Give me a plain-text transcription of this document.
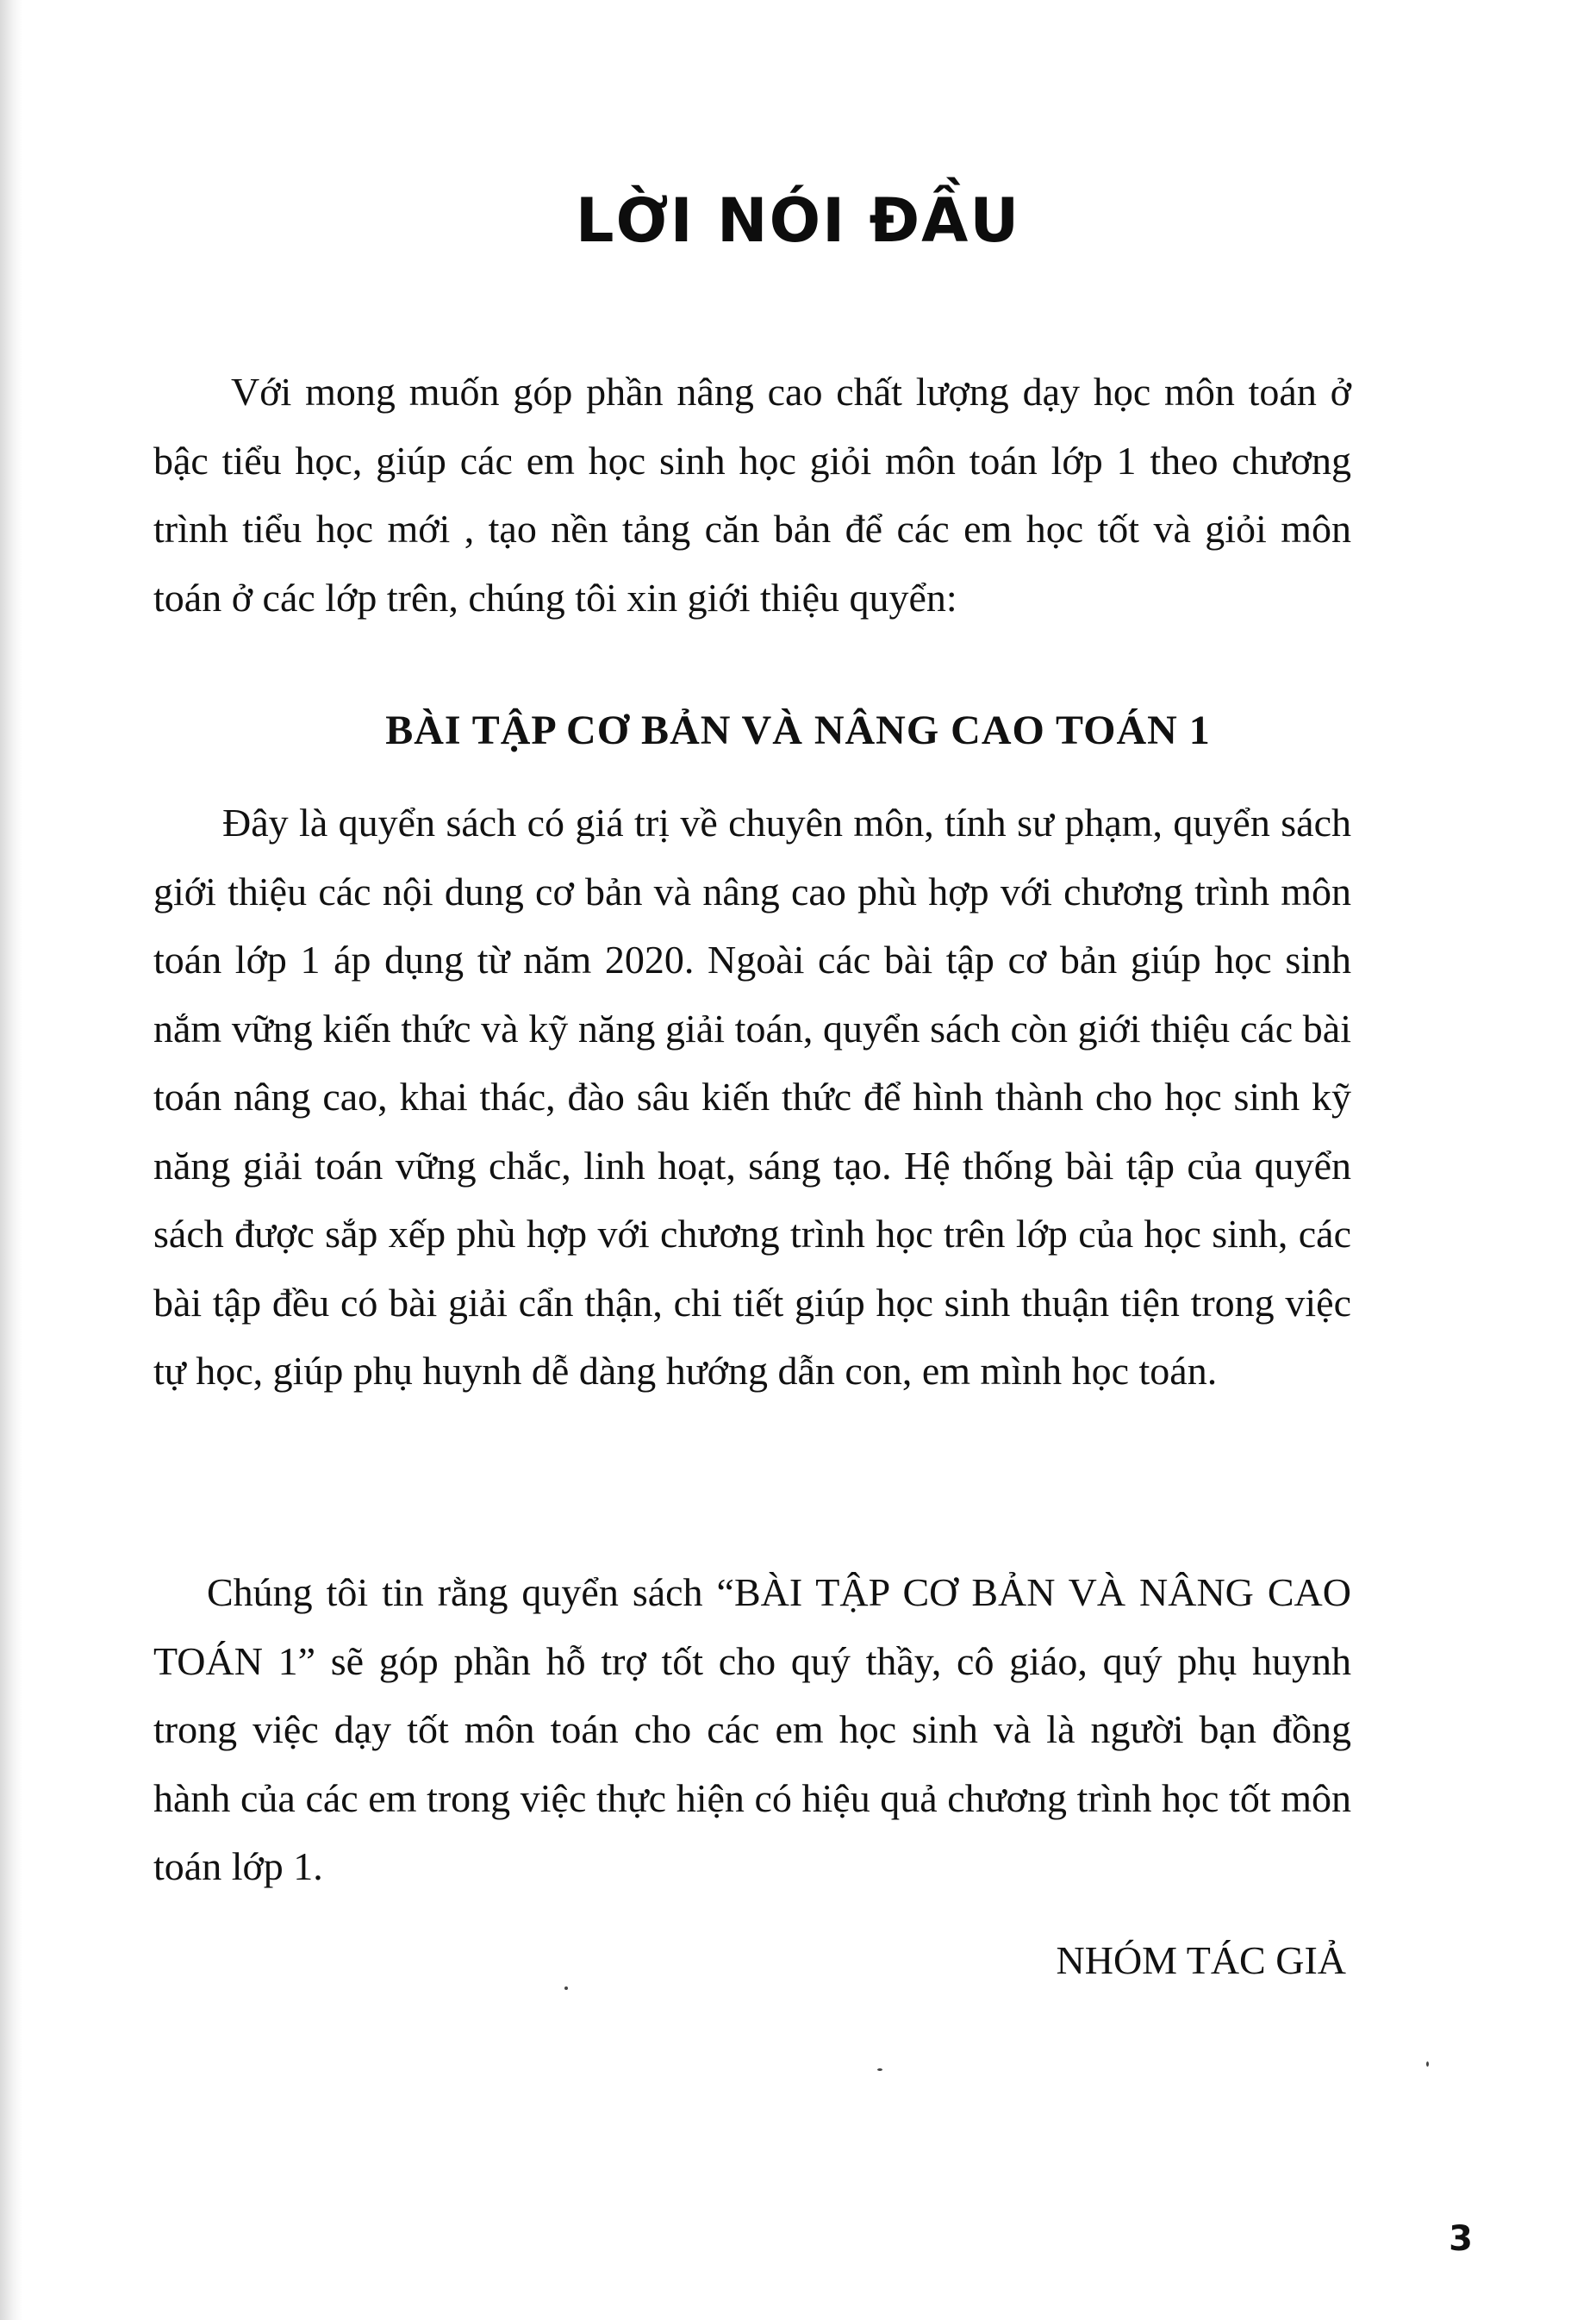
LỜI NÓI ĐẦU

Với mong muốn góp phần nâng cao chất lượng dạy học môn toán ở bậc tiểu học, giúp các em học sinh học giỏi môn toán lớp 1 theo chương trình tiểu học mới , tạo nền tảng căn bản để các em học tốt và giỏi môn toán ở các lớp trên, chúng tôi xin giới thiệu quyển:

BÀI TẬP CƠ BẢN VÀ NÂNG CAO TOÁN 1

Đây là quyển sách có giá trị về chuyên môn, tính sư phạm, quyển sách giới thiệu các nội dung cơ bản và nâng cao phù hợp với chương trình môn toán lớp 1 áp dụng từ năm 2020. Ngoài các bài tập cơ bản giúp học sinh nắm vững kiến thức và kỹ năng giải toán, quyển sách còn giới thiệu các bài toán nâng cao, khai thác, đào sâu kiến thức để hình thành cho học sinh kỹ năng giải toán vững chắc, linh hoạt, sáng tạo. Hệ thống bài tập của quyển sách được sắp xếp phù hợp với chương trình học trên lớp của học sinh, các bài tập đều có bài giải cẩn thận, chi tiết giúp học sinh thuận tiện trong việc tự học, giúp phụ huynh dễ dàng hướng dẫn con, em mình học toán.

Chúng tôi tin rằng quyển sách “BÀI TẬP CƠ BẢN VÀ NÂNG CAO TOÁN 1” sẽ góp phần hỗ trợ tốt cho quý thầy, cô giáo, quý phụ huynh trong việc dạy tốt môn toán cho các em học sinh và là người bạn đồng hành của các em trong việc thực hiện có hiệu quả chương trình học tốt môn toán lớp 1.

NHÓM TÁC GIẢ

3
